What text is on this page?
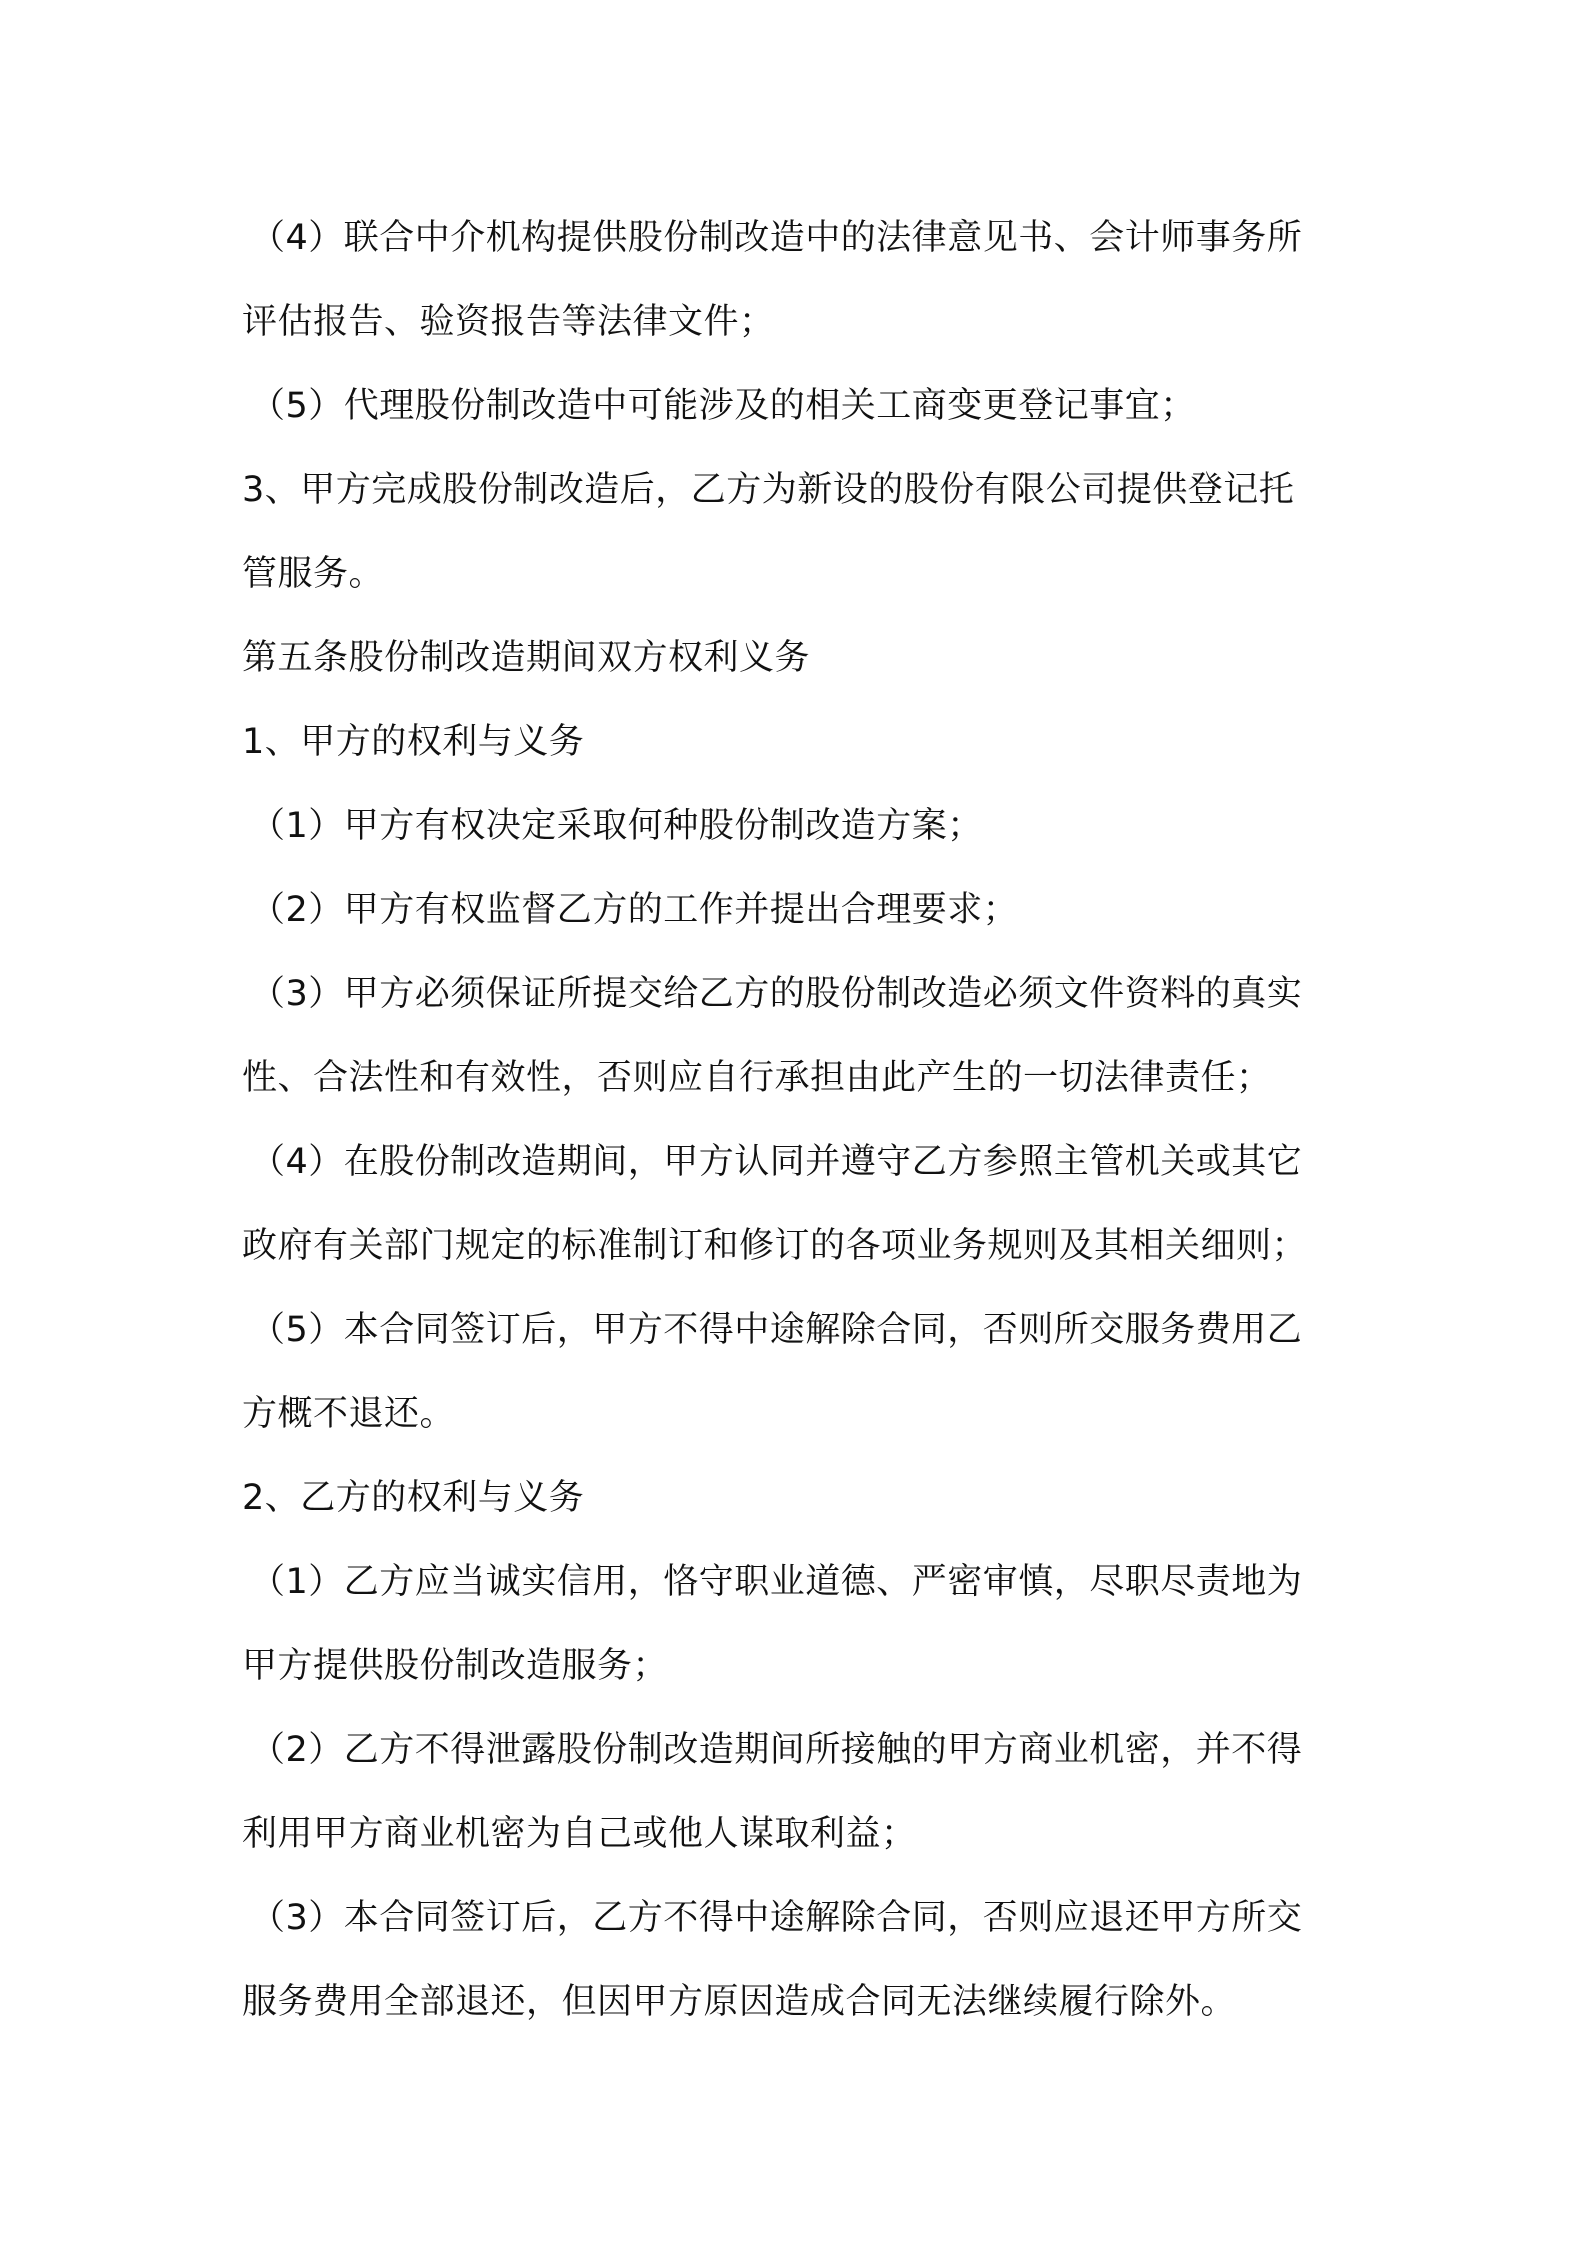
（4）联合中介机构提供股份制改造中的法律意见书、会计师事务所

评估报告、验资报告等法律文件；

（5）代理股份制改造中可能涉及的相关工商变更登记事宜；

3、甲方完成股份制改造后，乙方为新设的股份有限公司提供登记托

管服务。

第五条股份制改造期间双方权利义务

1、甲方的权利与义务

（1）甲方有权决定采取何种股份制改造方案；

（2）甲方有权监督乙方的工作并提出合理要求；

（3）甲方必须保证所提交给乙方的股份制改造必须文件资料的真实

性、合法性和有效性，否则应自行承担由此产生的一切法律责任；

（4）在股份制改造期间，甲方认同并遵守乙方参照主管机关或其它

政府有关部门规定的标准制订和修订的各项业务规则及其相关细则；

（5）本合同签订后，甲方不得中途解除合同，否则所交服务费用乙

方概不退还。

2、乙方的权利与义务

（1）乙方应当诚实信用，恪守职业道德、严密审慎，尽职尽责地为

甲方提供股份制改造服务；

（2）乙方不得泄露股份制改造期间所接触的甲方商业机密，并不得

利用甲方商业机密为自己或他人谋取利益；

（3）本合同签订后，乙方不得中途解除合同，否则应退还甲方所交

服务费用全部退还，但因甲方原因造成合同无法继续履行除外。
